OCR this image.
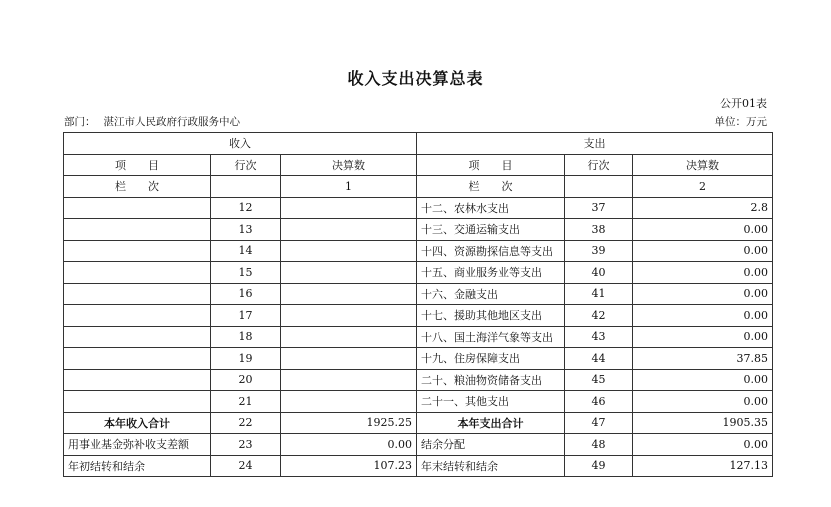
收入支出决算总表
公开01表
部门： 湛江市人民政府行政服务中心	单位：万元
收入			支出		
项　　目	行次	决算数	项　　目	行次	决算数
栏　　次		1	栏　　次		2
	12		十二、农林水支出	37	2.8
	13		十三、交通运输支出	38	0.00
	14		十四、资源勘探信息等支出	39	0.00
	15		十五、商业服务业等支出	40	0.00
	16		十六、金融支出	41	0.00
	17		十七、援助其他地区支出	42	0.00
	18		十八、国土海洋气象等支出	43	0.00
	19		十九、住房保障支出	44	37.85
	20		二十、粮油物资储备支出	45	0.00
	21		二十一、其他支出	46	0.00
本年收入合计	22	1925.25	本年支出合计	47	1905.35
用事业基金弥补收支差额	23	0.00	结余分配	48	0.00
年初结转和结余	24	107.23	年末结转和结余	49	127.13
